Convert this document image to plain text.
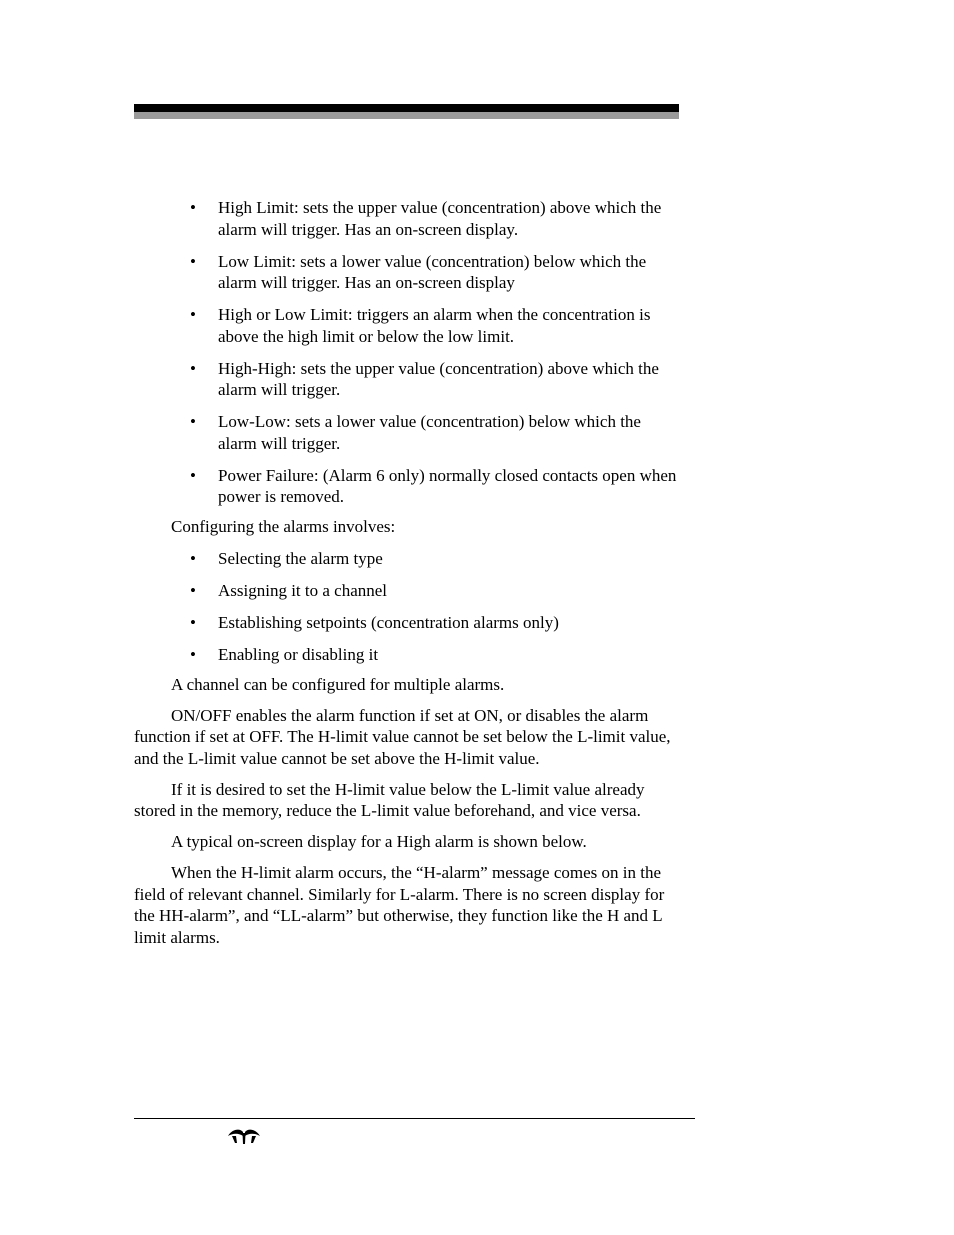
• High Limit: sets the upper value (concentration) above which the alarm will trigger. Has an on-screen display.
• Low Limit: sets a lower value (concentration) below which the alarm will trigger. Has an on-screen display
• High or Low Limit: triggers an alarm when the concentration is above the high limit or below the low limit.
• High-High: sets the upper value (concentration) above which the alarm will trigger.
• Low-Low: sets a lower value (concentration) below which the alarm will trigger.
• Power Failure: (Alarm 6 only) normally closed contacts open when power is removed.

Configuring the alarms involves:

• Selecting the alarm type
• Assigning it to a channel
• Establishing setpoints (concentration alarms only)
• Enabling or disabling it

A channel can be configured for multiple alarms.

ON/OFF enables the alarm function if set at ON, or disables the alarm function if set at OFF. The H-limit value cannot be set below the L-limit value, and the L-limit value cannot be set above the H-limit value.

If it is desired to set the H-limit value below the L-limit value already stored in the memory, reduce the L-limit value beforehand, and vice versa.

A typical on-screen display for a High alarm is shown below.

When the H-limit alarm occurs, the “H-alarm” message comes on in the field of relevant channel. Similarly for L-alarm. There is no screen display for the HH-alarm”, and “LL-alarm” but otherwise, they function like the H and L limit alarms.
